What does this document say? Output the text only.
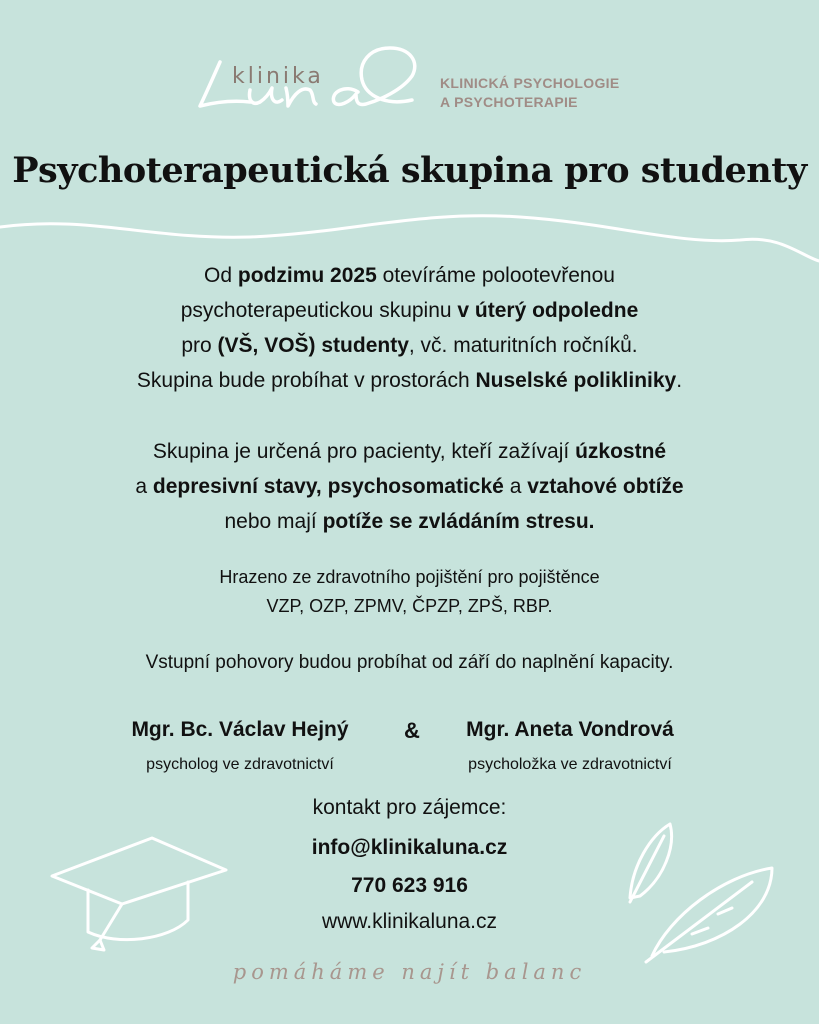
klinika	KLINICKÁ PSYCHOLOGIE
A PSYCHOTERAPIE
Psychoterapeutická skupina pro studenty
Od podzimu 2025 otevíráme polootevřenou
psychoterapeutickou skupinu v úterý odpoledne
pro (VŠ, VOŠ) studenty, vč. maturitních ročníků.
Skupina bude probíhat v prostorách Nuselské polikliniky.
Skupina je určená pro pacienty, kteří zažívají úzkostné
a depresivní stavy, psychosomatické a vztahové obtíže
nebo mají potíže se zvládáním stresu.
Hrazeno ze zdravotního pojištění pro pojištěnce
VZP, OZP, ZPMV, ČPZP, ZPŠ, RBP.
Vstupní pohovory budou probíhat od září do naplnění kapacity.
Mgr. Bc. Václav Hejný
psycholog ve zdravotnictví
&	Mgr. Aneta Vondrová
psycholožka ve zdravotnictví
kontakt pro zájemce:
info@klinikaluna.cz
770 623 916
www.klinikaluna.cz
pomáháme najít balanc
